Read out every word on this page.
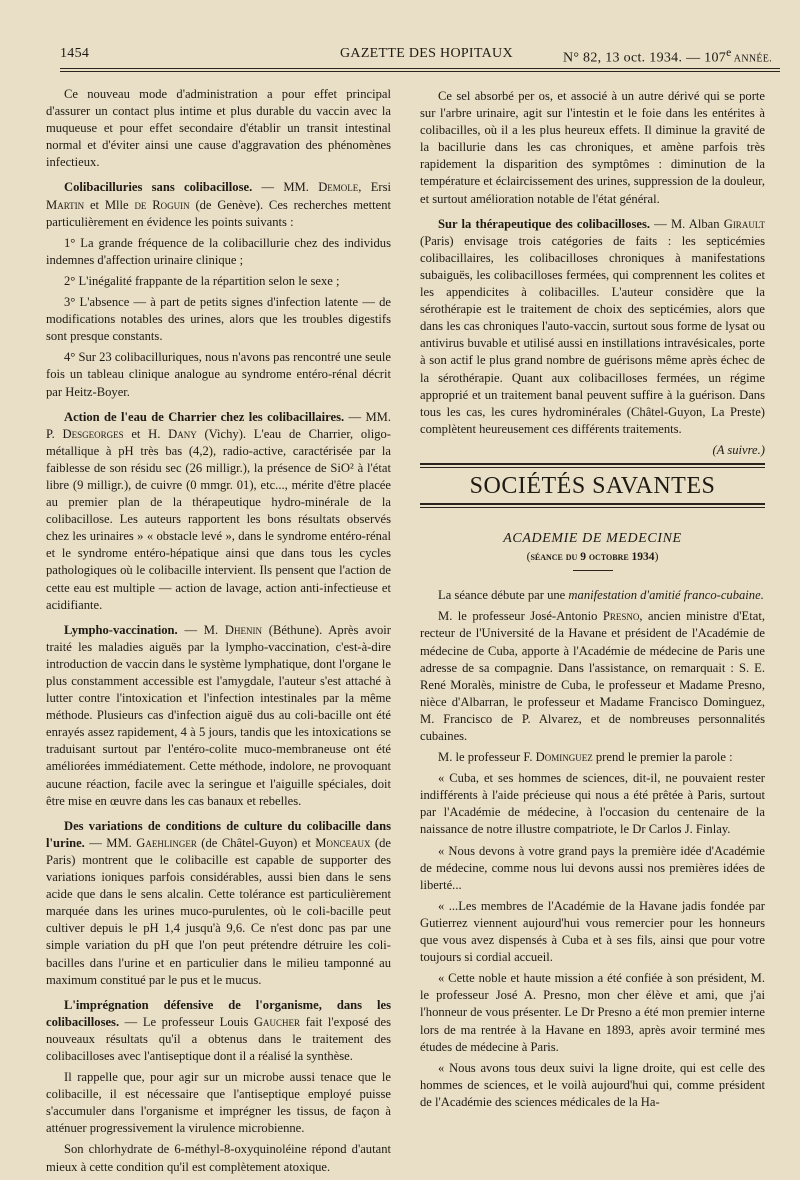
1454	GAZETTE DES HOPITAUX	N° 82, 13 oct. 1934. — 107e ANNÉE.

Ce nouveau mode d'administration a pour effet principal d'assurer un contact plus intime et plus durable du vaccin avec la muqueuse et pour effet secondaire d'établir un transit intestinal normal et d'éviter ainsi une cause d'aggravation des phénomènes infectieux.

Colibacilluries sans colibacillose. — MM. Demole, Ersi Martin et Mlle de Roguin (de Genève). Ces recherches mettent particulièrement en évidence les points suivants :

1° La grande fréquence de la colibacillurie chez des individus indemnes d'affection urinaire clinique ;

2° L'inégalité frappante de la répartition selon le sexe ;

3° L'absence — à part de petits signes d'infection latente — de modifications notables des urines, alors que les troubles digestifs sont presque constants.

4° Sur 23 colibacilluriques, nous n'avons pas rencontré une seule fois un tableau clinique analogue au syndrome entéro-rénal décrit par Heitz-Boyer.

Action de l'eau de Charrier chez les colibacillaires. — MM. P. Desgeorges et H. Dany (Vichy). L'eau de Charrier, oligo-métallique à pH très bas (4,2), radio-active, caractérisée par la faiblesse de son résidu sec (26 milligr.), la présence de SiO² à l'état libre (9 milligr.), de cuivre (0 mmgr. 01), etc..., mérite d'être placée au premier plan de la thérapeutique hydro-minérale de la colibacillose. Les auteurs rapportent les bons résultats observés chez les urinaires » « obstacle levé », dans le syndrome entéro-rénal et le syndrome entéro-hépatique ainsi que dans tous les cycles pathologiques où le colibacille intervient. Ils pensent que l'action de cette eau est multiple — action de lavage, action anti-infectieuse et acidifiante.

Lympho-vaccination. — M. Dhenin (Béthune). Après avoir traité les maladies aiguës par la lympho-vaccination, c'est-à-dire introduction de vaccin dans le système lymphatique, dont l'organe le plus constamment accessible est l'amygdale, l'auteur s'est attaché à lutter contre l'intoxication et l'infection intestinales par la même méthode. Plusieurs cas d'infection aiguë dus au coli-bacille ont été enrayés assez rapidement, 4 à 5 jours, tandis que les intoxications se traduisant surtout par l'entéro-colite muco-membraneuse ont été améliorées immédiatement. Cette méthode, indolore, ne provoquant aucune réaction, facile avec la seringue et l'aiguille spéciales, doit être mise en œuvre dans les cas banaux et rebelles.

Des variations de conditions de culture du colibacille dans l'urine. — MM. Gaehlinger (de Châtel-Guyon) et Monceaux (de Paris) montrent que le colibacille est capable de supporter des variations ioniques parfois considérables, aussi bien dans le sens acide que dans le sens alcalin. Cette tolérance est particulièrement marquée dans les urines muco-purulentes, où le coli-bacille peut cultiver depuis le pH 1,4 jusqu'à 9,6. Ce n'est donc pas par une simple variation du pH que l'on peut prétendre détruire les coli-bacilles dans l'urine et en particulier dans le milieu tamponné au maximum constitué par le pus et le mucus.

L'imprégnation défensive de l'organisme, dans les colibacilloses. — Le professeur Louis Gaucher fait l'exposé des nouveaux résultats qu'il a obtenus dans le traitement des colibacilloses avec l'antiseptique dont il a réalisé la synthèse.

Il rappelle que, pour agir sur un microbe aussi tenace que le colibacille, il est nécessaire que l'antiseptique employé puisse s'accumuler dans l'organisme et imprégner les tissus, de façon à atténuer progressivement la virulence microbienne.

Son chlorhydrate de 6-méthyl-8-oxyquinoléine répond d'autant mieux à cette condition qu'il est complètement atoxique.

Ce sel absorbé per os, et associé à un autre dérivé qui se porte sur l'arbre urinaire, agit sur l'intestin et le foie dans les entérites à colibacilles, où il a les plus heureux effets. Il diminue la gravité de la bacillurie dans les cas chroniques, et amène parfois très rapidement la disparition des symptômes : diminution de la température et éclaircissement des urines, suppression de la douleur, et surtout amélioration notable de l'état général.

Sur la thérapeutique des colibacilloses. — M. Alban Girault (Paris) envisage trois catégories de faits : les septicémies colibacillaires, les colibacilloses chroniques à manifestations subaiguës, les colibacilloses fermées, qui comprennent les colites et les appendicites à colibacilles. L'auteur considère que la sérothérapie est le traitement de choix des septicémies, alors que dans les cas chroniques l'auto-vaccin, surtout sous forme de lysat ou antivirus buvable et utilisé aussi en instillations intravésicales, porte à son actif le plus grand nombre de guérisons même après échec de la sérothérapie. Quant aux colibacilloses fermées, un régime approprié et un traitement banal peuvent suffire à la guérison. Dans tous les cas, les cures hydrominérales (Châtel-Guyon, La Preste) complètent heureusement ces différents traitements.

(A suivre.)

SOCIÉTÉS SAVANTES
ACADEMIE DE MEDECINE
(séance du 9 octobre 1934)

La séance débute par une manifestation d'amitié franco-cubaine.

M. le professeur José-Antonio Presno, ancien ministre d'Etat, recteur de l'Université de la Havane et président de l'Académie de médecine de Cuba, apporte à l'Académie de médecine de Paris une adresse de sa compagnie. Dans l'assistance, on remarquait : S. E. René Moralès, ministre de Cuba, le professeur et Madame Presno, nièce d'Albarran, le professeur et Madame Francisco Dominguez, M. Francisco de P. Alvarez, et de nombreuses personnalités cubaines.

M. le professeur F. Dominguez prend le premier la parole :

« Cuba, et ses hommes de sciences, dit-il, ne pouvaient rester indifférents à l'aide précieuse qui nous a été prêtée à Paris, surtout par l'Académie de médecine, à l'occasion du centenaire de la naissance de notre illustre compatriote, le Dr Carlos J. Finlay.

« Nous devons à votre grand pays la première idée d'Académie de médecine, comme nous lui devons aussi nos premières idées de liberté...

« ...Les membres de l'Académie de la Havane jadis fondée par Gutierrez viennent aujourd'hui vous remercier pour les honneurs que vous avez dispensés à Cuba et à ses fils, ainsi que pour votre toujours si cordial accueil.

« Cette noble et haute mission a été confiée à son président, M. le professeur José A. Presno, mon cher élève et ami, que j'ai l'honneur de vous présenter. Le Dr Presno a été mon premier interne lors de ma rentrée à la Havane en 1893, après avoir terminé mes études de médecine à Paris.

« Nous avons tous deux suivi la ligne droite, qui est celle des hommes de sciences, et le voilà aujourd'hui qui, comme président de l'Académie des sciences médicales de la Ha-
